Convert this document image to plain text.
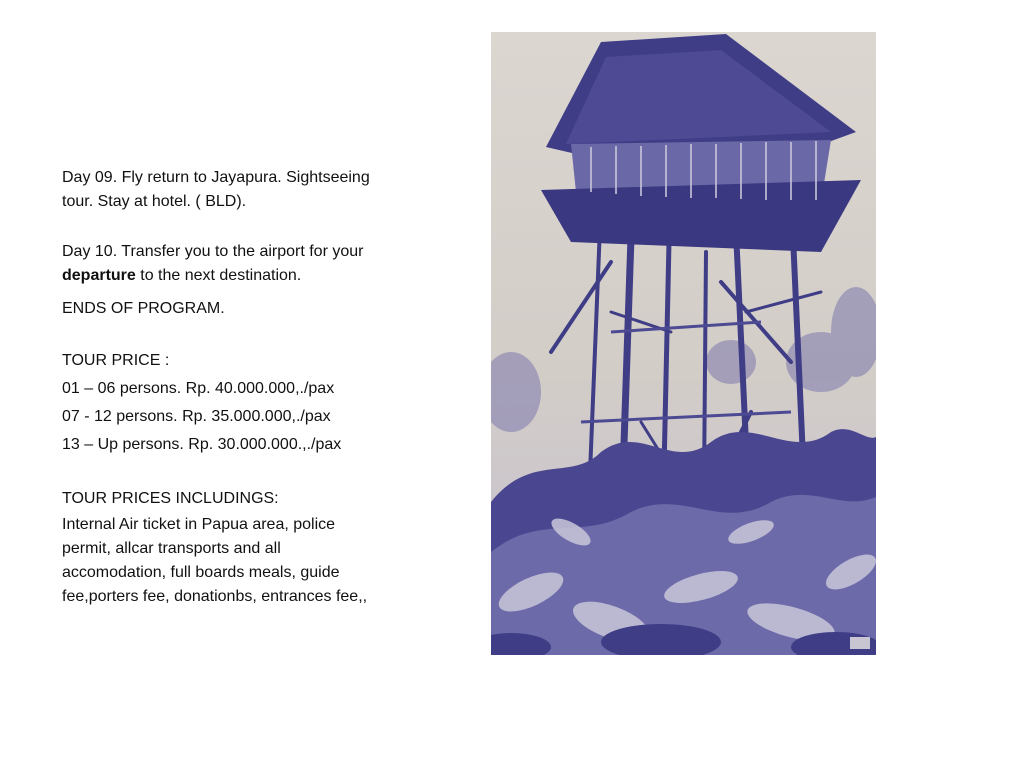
Day 09. Fly return to Jayapura. Sightseeing tour. Stay at hotel. ( BLD).

Day 10. Transfer you to the airport for your departure to the next destination.

ENDS OF PROGRAM.

TOUR PRICE :

01 – 06 persons. Rp. 40.000.000,./pax

07 - 12 persons. Rp. 35.000.000,./pax

13 – Up persons. Rp. 30.000.000.,./pax

TOUR PRICES INCLUDINGS:

Internal Air ticket in Papua area, police permit, allcar transports and all accomodation, full boards meals, guide fee,porters fee, donationbs, entrances fee,,
